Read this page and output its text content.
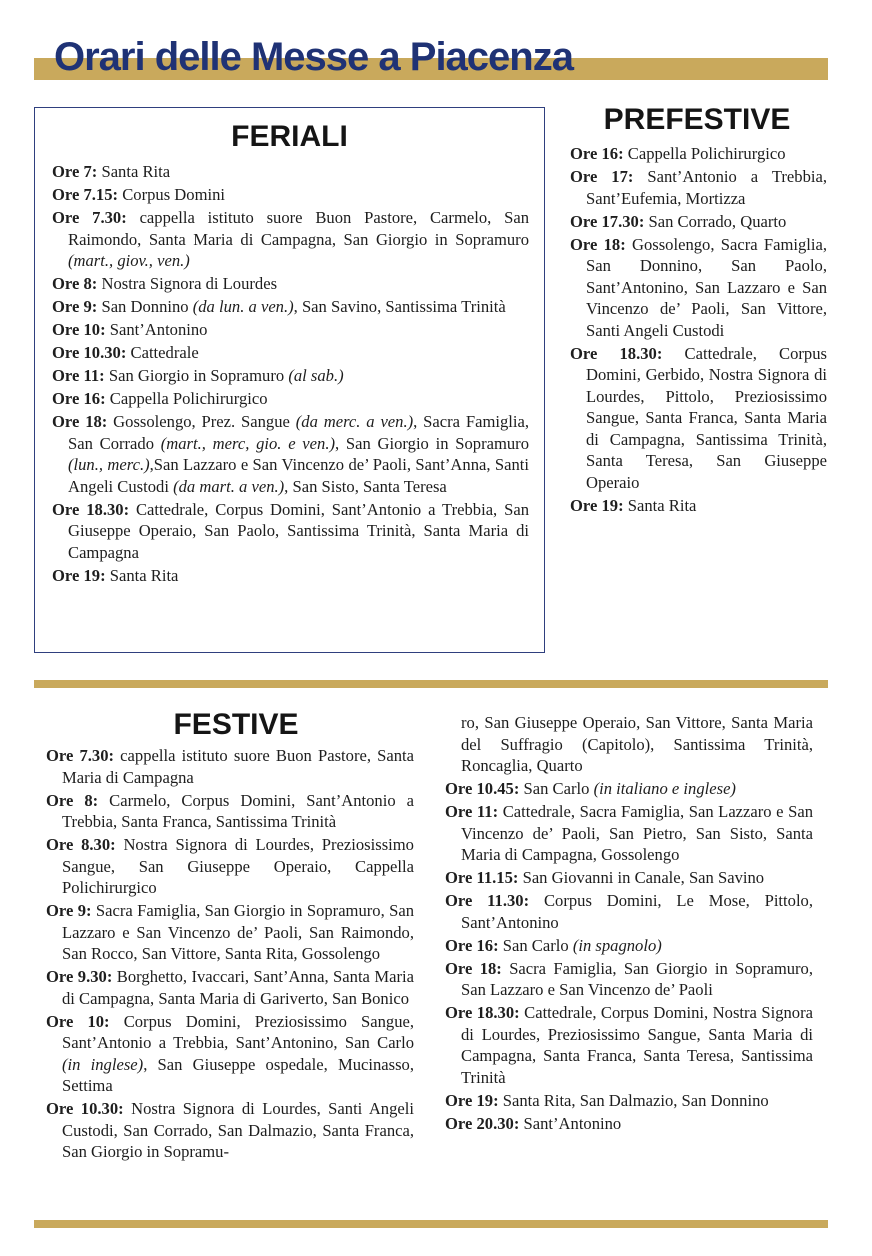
Orari delle Messe a Piacenza
FERIALI

Ore 7: Santa Rita

Ore 7.15: Corpus Domini

Ore 7.30: cappella istituto suore Buon Pastore, Carmelo, San Raimondo, Santa Maria di Campagna, San Giorgio in Sopramuro (mart., giov., ven.)

Ore 8: Nostra Signora di Lourdes

Ore 9: San Donnino (da lun. a ven.), San Savino, Santissima Trinità

Ore 10: Sant’Antonino

Ore 10.30: Cattedrale

Ore 11: San Giorgio in Sopramuro (al sab.)

Ore 16: Cappella Polichirurgico

Ore 18: Gossolengo, Prez. Sangue (da merc. a ven.), Sacra Famiglia, San Corrado (mart., merc, gio. e ven.), San Giorgio in Sopramuro (lun., merc.),San Lazzaro e San Vincenzo de’ Paoli, Sant’Anna, Santi Angeli Custodi (da mart. a ven.), San Sisto, Santa Teresa

Ore 18.30: Cattedrale, Corpus Domini, Sant’Antonio a Trebbia, San Giuseppe Operaio, San Paolo, Santissima Trinità, Santa Maria di Campagna

Ore 19: Santa Rita

PREFESTIVE

Ore 16: Cappella Polichirurgico

Ore 17: Sant’Antonio a Trebbia, Sant’Eufemia, Mortizza

Ore 17.30: San Corrado, Quarto

Ore 18: Gossolengo, Sacra Famiglia, San Donnino, San Paolo, Sant’Antonino, San Lazzaro e San Vincenzo de’ Paoli, San Vittore, Santi Angeli Custodi

Ore 18.30: Cattedrale, Corpus Domini, Gerbido, Nostra Signora di Lourdes, Pittolo, Preziosissimo Sangue, Santa Franca, Santa Maria di Campagna, Santissima Trinità, Santa Teresa, San Giuseppe Operaio

Ore 19: Santa Rita

FESTIVE

Ore 7.30: cappella istituto suore Buon Pastore, Santa Maria di Campagna

Ore 8: Carmelo, Corpus Domini, Sant’Antonio a Trebbia, Santa Franca, Santissima Trinità

Ore 8.30: Nostra Signora di Lourdes, Preziosissimo Sangue, San Giuseppe Operaio, Cappella Polichirurgico

Ore 9: Sacra Famiglia, San Giorgio in Sopramuro, San Lazzaro e San Vincenzo de’ Paoli, San Raimondo, San Rocco, San Vittore, Santa Rita, Gossolengo

Ore 9.30: Borghetto, Ivaccari, Sant’Anna, Santa Maria di Campagna, Santa Maria di Gariverto, San Bonico

Ore 10: Corpus Domini, Preziosissimo Sangue, Sant’Antonio a Trebbia, Sant’Antonino, San Carlo (in inglese), San Giuseppe ospedale, Mucinasso, Settima

Ore 10.30: Nostra Signora di Lourdes, Santi Angeli Custodi, San Corrado, San Dalmazio, Santa Franca, San Giorgio in Sopramu-

ro, San Giuseppe Operaio, San Vittore, Santa Maria del Suffragio (Capitolo), Santissima Trinità, Roncaglia, Quarto

Ore 10.45: San Carlo (in italiano e inglese)

Ore 11: Cattedrale, Sacra Famiglia, San Lazzaro e San Vincenzo de’ Paoli, San Pietro, San Sisto, Santa Maria di Campagna, Gossolengo

Ore 11.15: San Giovanni in Canale, San Savino

Ore 11.30: Corpus Domini, Le Mose, Pittolo, Sant’Antonino

Ore 16: San Carlo (in spagnolo)

Ore 18: Sacra Famiglia, San Giorgio in Sopramuro, San Lazzaro e San Vincenzo de’ Paoli

Ore 18.30: Cattedrale, Corpus Domini, Nostra Signora di Lourdes, Preziosissimo Sangue, Santa Maria di Campagna, Santa Franca, Santa Teresa, Santissima Trinità

Ore 19: Santa Rita, San Dalmazio, San Donnino

Ore 20.30: Sant’Antonino
